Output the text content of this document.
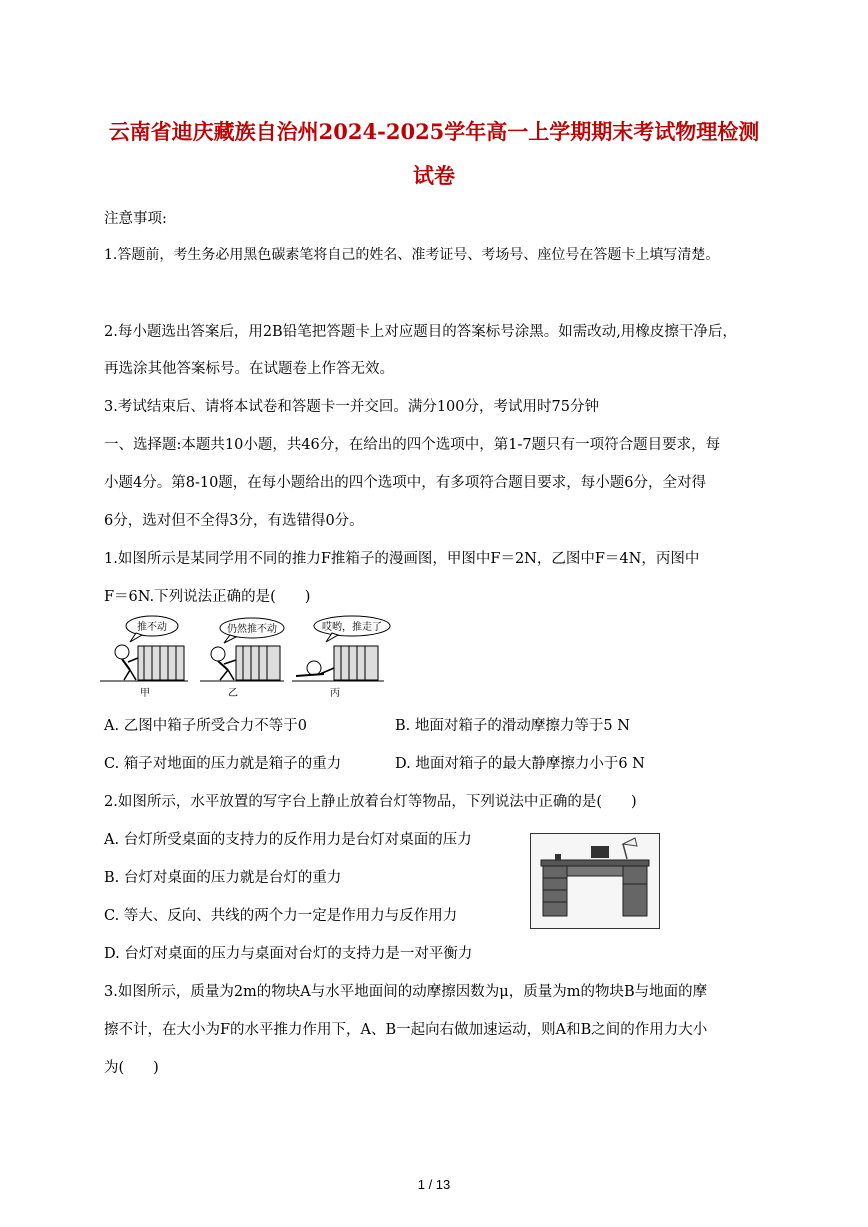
云南省迪庆藏族自治州2024-2025学年高一上学期期末考试物理检测
试卷
注意事项:
1.答题前，考生务必用黑色碳素笔将自己的姓名、准考证号、考场号、座位号在答题卡上填写清楚。
2.每小题选出答案后，用2B铅笔把答题卡上对应题目的答案标号涂黑。如需改动,用橡皮擦干净后，
再选涂其他答案标号。在试题卷上作答无效。
3.考试结束后、请将本试卷和答题卡一并交回。满分100分，考试用时75分钟
一、选择题:本题共10小题，共46分，在给出的四个选项中，第1-7题只有一项符合题目要求，每
小题4分。第8-10题，在每小题给出的四个选项中，有多项符合题目要求，每小题6分，全对得
6分，选对但不全得3分，有选错得0分。
1.如图所示是某同学用不同的推力F推箱子的漫画图，甲图中F＝2N，乙图中F＝4N，丙图中
F＝6N.下列说法正确的是(　　)
推不动
甲
仍然推不动
乙
哎哟，推走了
丙
A. 乙图中箱子所受合力不等于0	B. 地面对箱子的滑动摩擦力等于5 N
C. 箱子对地面的压力就是箱子的重力	D. 地面对箱子的最大静摩擦力小于6 N
2.如图所示，水平放置的写字台上静止放着台灯等物品，下列说法中正确的是(　　)
A. 台灯所受桌面的支持力的反作用力是台灯对桌面的压力
B. 台灯对桌面的压力就是台灯的重力
C. 等大、反向、共线的两个力一定是作用力与反作用力
D. 台灯对桌面的压力与桌面对台灯的支持力是一对平衡力
3.如图所示，质量为2m的物块A与水平地面间的动摩擦因数为μ，质量为m的物块B与地面的摩
擦不计，在大小为F的水平推力作用下，A、B一起向右做加速运动，则A和B之间的作用力大小
为(　　)
1 / 13
